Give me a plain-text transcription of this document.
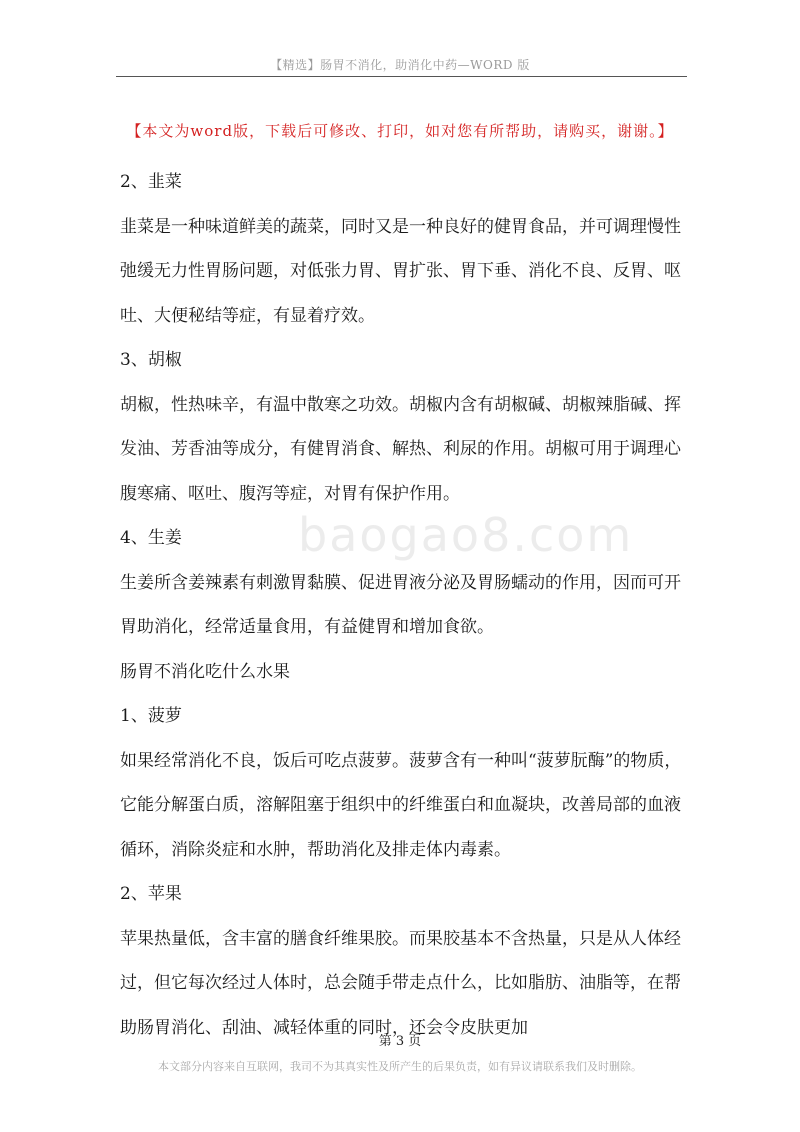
【精选】肠胃不消化，助消化中药—WORD 版
【本文为word版，下载后可修改、打印，如对您有所帮助，请购买，谢谢。】
baogao8.com

2、韭菜

韭菜是一种味道鲜美的蔬菜，同时又是一种良好的健胃食品，并可调理慢性弛缓无力性胃肠问题，对低张力胃、胃扩张、胃下垂、消化不良、反胃、呕吐、大便秘结等症，有显着疗效。

3、胡椒

胡椒，性热味辛，有温中散寒之功效。胡椒内含有胡椒碱、胡椒辣脂碱、挥发油、芳香油等成分，有健胃消食、解热、利尿的作用。胡椒可用于调理心腹寒痛、呕吐、腹泻等症，对胃有保护作用。

4、生姜

生姜所含姜辣素有刺激胃黏膜、促进胃液分泌及胃肠蠕动的作用，因而可开胃助消化，经常适量食用，有益健胃和增加食欲。

肠胃不消化吃什么水果

1、菠萝

如果经常消化不良，饭后可吃点菠萝。菠萝含有一种叫“菠萝朊酶”的物质，它能分解蛋白质，溶解阻塞于组织中的纤维蛋白和血凝块，改善局部的血液循环，消除炎症和水肿，帮助消化及排走体内毒素。

2、苹果

苹果热量低，含丰富的膳食纤维果胶。而果胶基本不含热量，只是从人体经过，但它每次经过人体时，总会随手带走点什么，比如脂肪、油脂等，在帮助肠胃消化、刮油、减轻体重的同时，还会令皮肤更加

第 3 页
本文部分内容来自互联网，我司不为其真实性及所产生的后果负责，如有异议请联系我们及时删除。
